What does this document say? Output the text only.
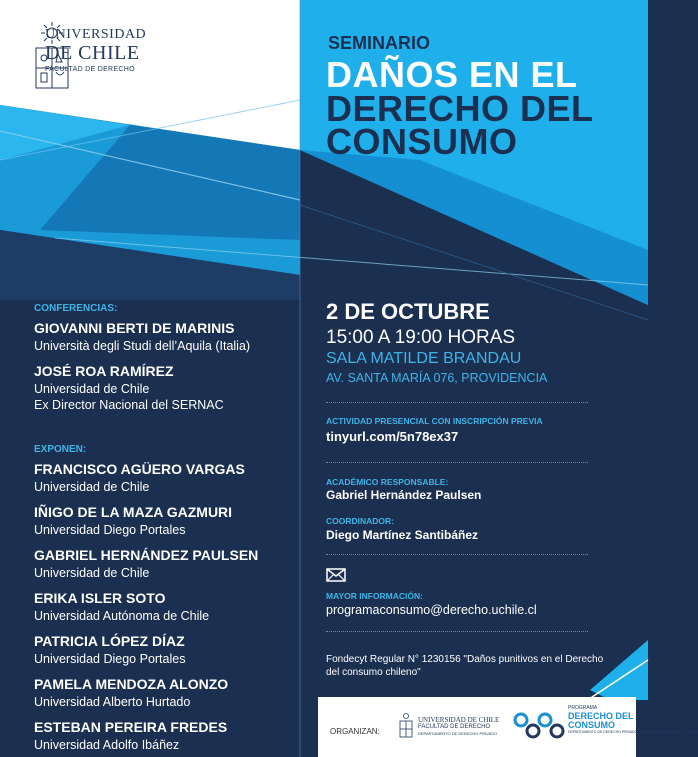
UNIVERSIDAD
DE CHILE
FACULTAD DE DERECHO
SEMINARIO
DAÑOS EN EL
DERECHO DEL
CONSUMO
CONFERENCIAS:
GIOVANNI BERTI DE MARINIS
Università degli Studi dell’Aquila (Italia)
JOSÉ ROA RAMÍREZ
Universidad de Chile
Ex Director Nacional del SERNAC
EXPONEN:
FRANCISCO AGÜERO VARGAS
Universidad de Chile
IÑIGO DE LA MAZA GAZMURI
Universidad Diego Portales
GABRIEL HERNÁNDEZ PAULSEN
Universidad de Chile
ERIKA ISLER SOTO
Universidad Autónoma de Chile
PATRICIA LÓPEZ DÍAZ
Universidad Diego Portales
PAMELA MENDOZA ALONZO
Universidad Alberto Hurtado
ESTEBAN PEREIRA FREDES
Universidad Adolfo Ibáñez
2 DE OCTUBRE
15:00 A 19:00 HORAS
SALA MATILDE BRANDAU
AV. SANTA MARÍA 076, PROVIDENCIA
ACTIVIDAD PRESENCIAL CON INSCRIPCIÓN PREVIA
tinyurl.com/5n78ex37
ACADÉMICO RESPONSABLE:
Gabriel Hernández Paulsen
COORDINADOR:
Diego Martínez Santibáñez
MAYOR INFORMACIÓN:
programaconsumo@derecho.uchile.cl
Fondecyt Regular N° 1230156 "Daños punitivos en el Derecho
del consumo chileno"
ORGANIZAN:
UNIVERSIDAD DE CHILE
FACULTAD DE DERECHO
DEPARTAMENTO DE DERECHO PRIVADO
PROGRAMA
DERECHO DEL
CONSUMO
DEPARTAMENTO DE DERECHO PRIVADO · FACULTAD DE DERECHO U. CHILE
